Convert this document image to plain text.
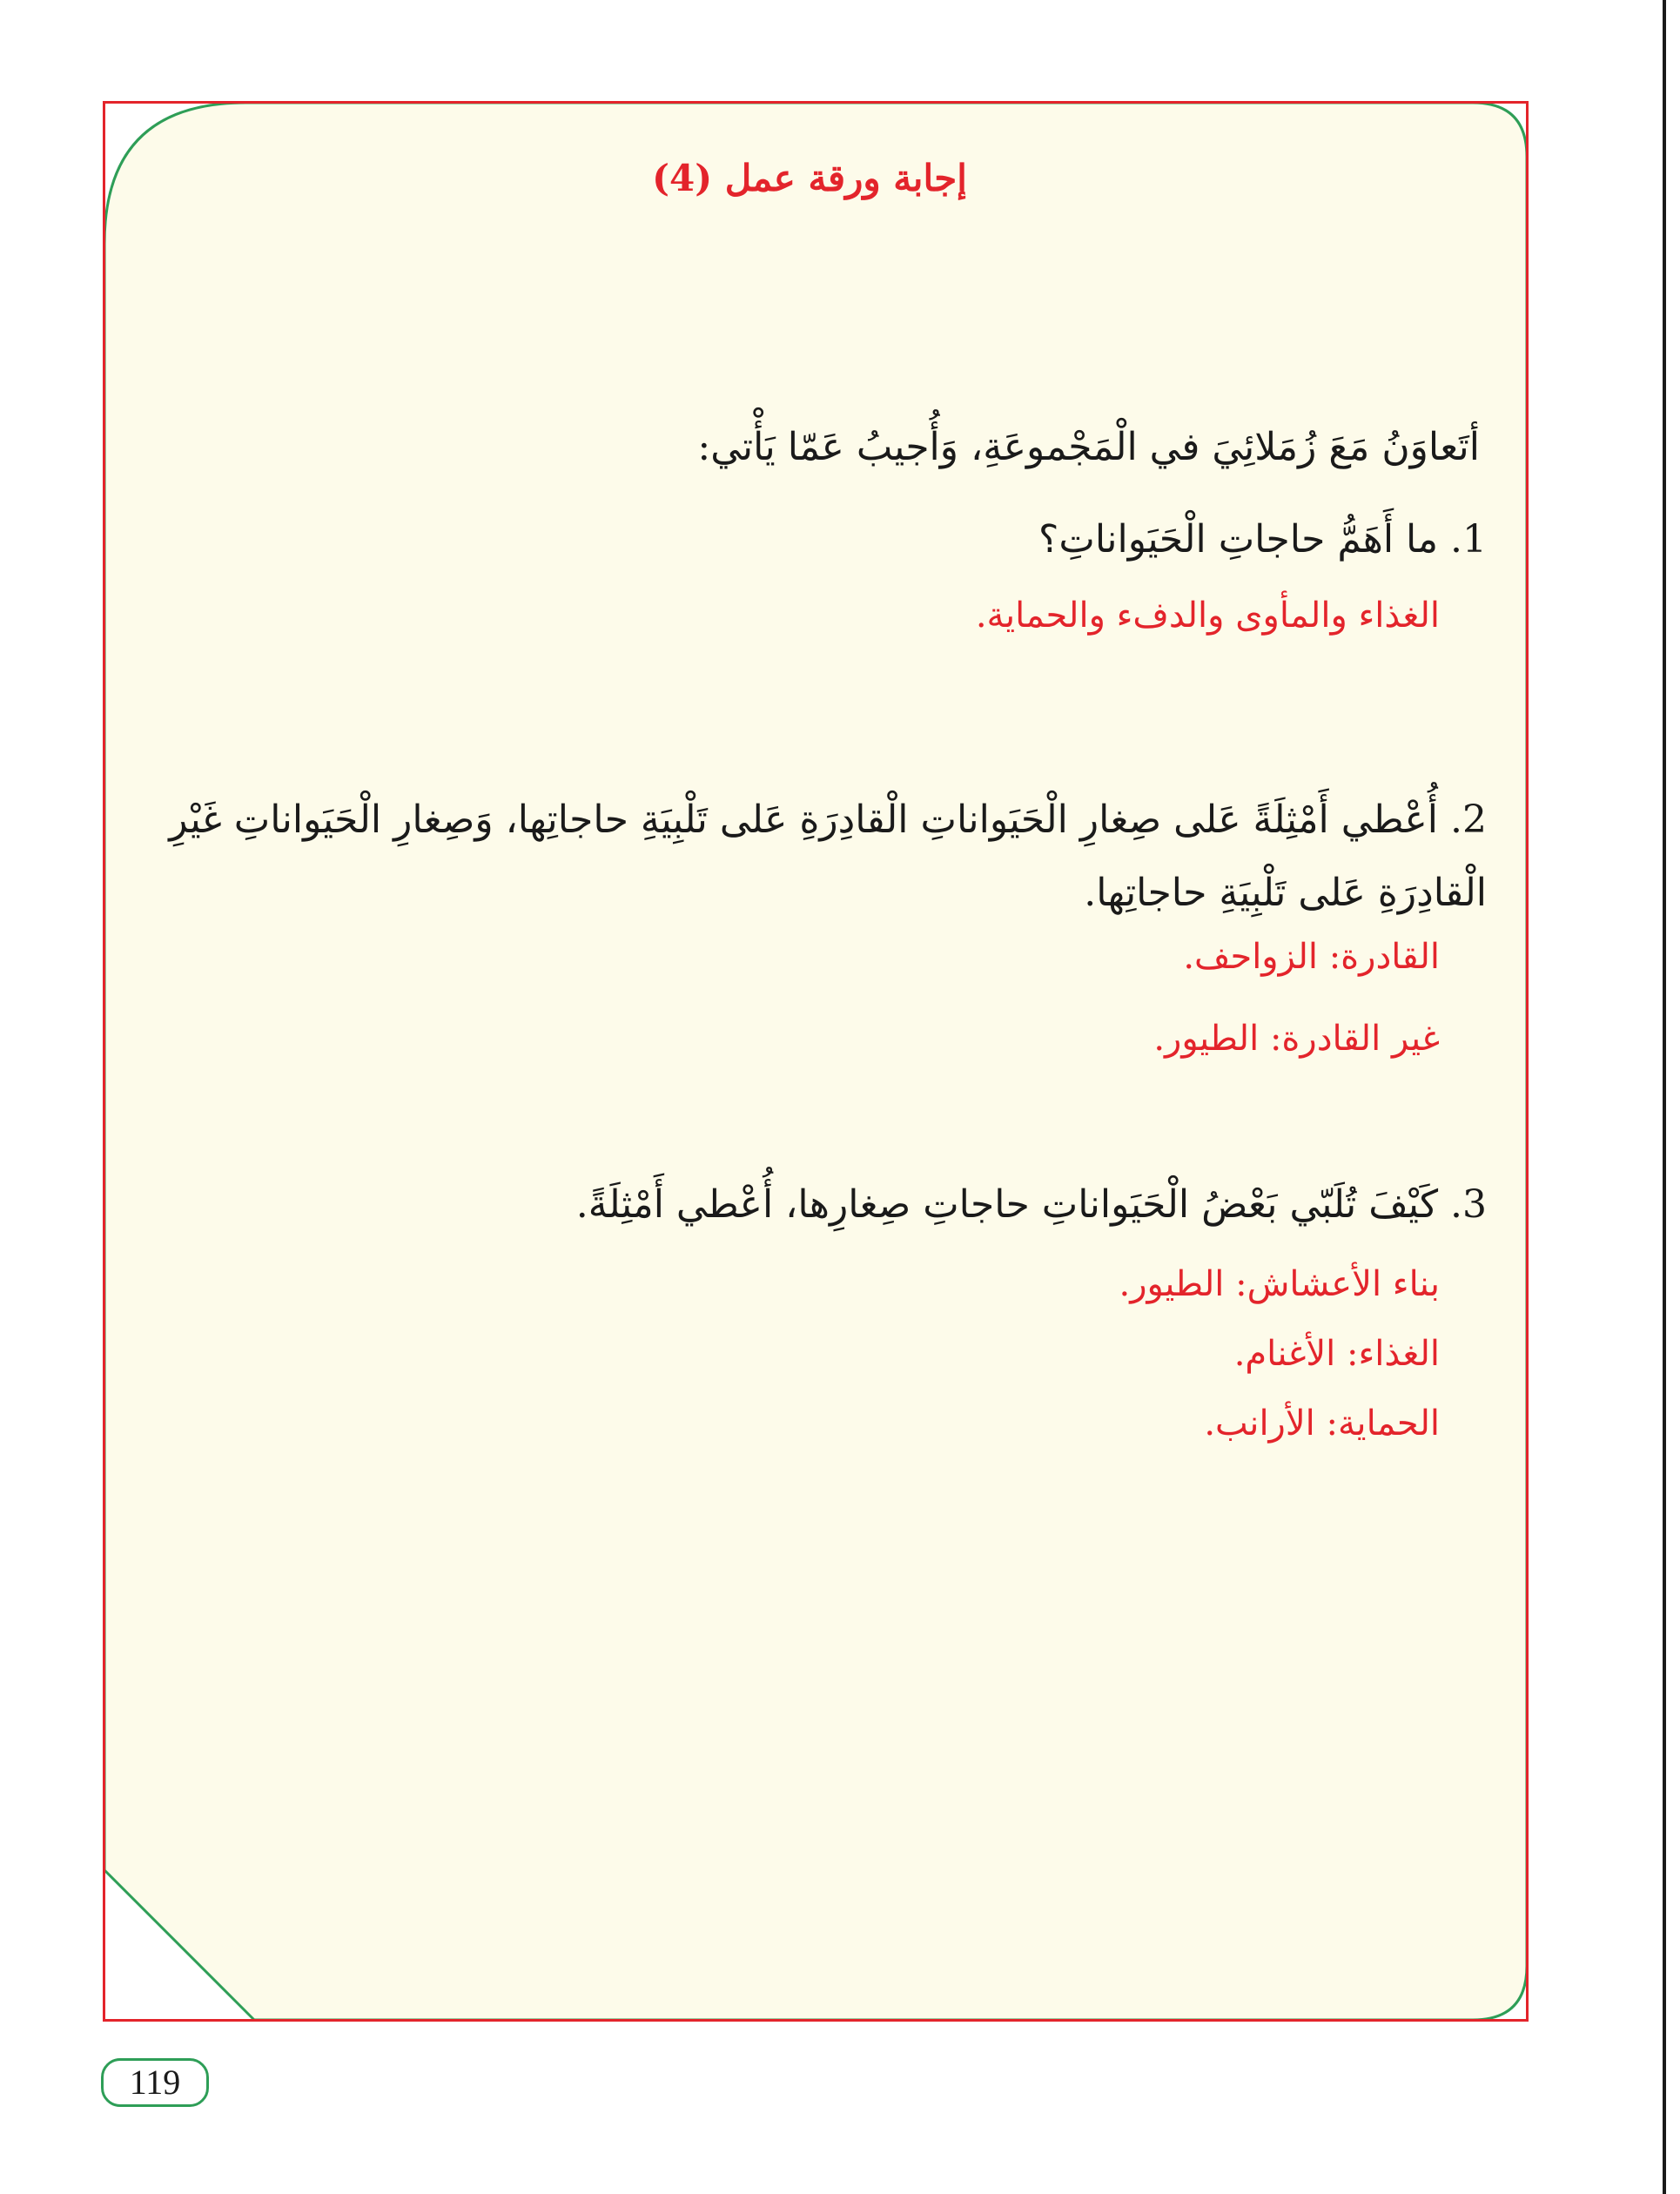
إجابة ورقة عمل (4)
أتَعاوَنُ مَعَ زُمَلائِيَ في الْمَجْموعَةِ، وَأُجيبُ عَمّا يَأْتي:
1. ما أَهَمُّ حاجاتِ الْحَيَواناتِ؟
الغذاء والمأوى والدفء والحماية.
2. أُعْطي أَمْثِلَةً عَلى صِغارِ الْحَيَواناتِ الْقادِرَةِ عَلى تَلْبِيَةِ حاجاتِها، وَصِغارِ الْحَيَواناتِ غَيْرِ الْقادِرَةِ عَلى تَلْبِيَةِ حاجاتِها.
القادرة: الزواحف.
غير القادرة: الطيور.
3. كَيْفَ تُلَبّي بَعْضُ الْحَيَواناتِ حاجاتِ صِغارِها، أُعْطي أَمْثِلَةً.
بناء الأعشاش: الطيور.
الغذاء: الأغنام.
الحماية: الأرانب.
119
